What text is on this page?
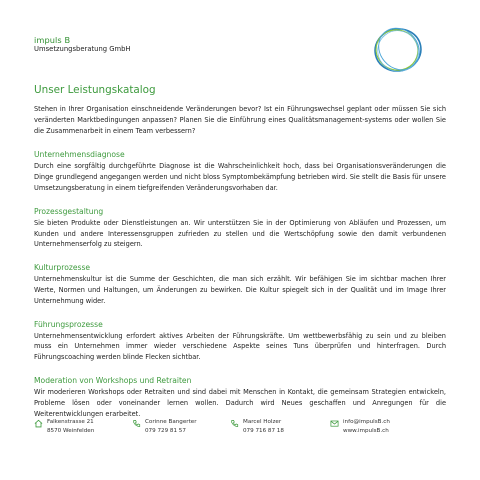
impuls B
Umsetzungsberatung GmbH
Unser Leistungskatalog

Stehen in Ihrer Organisation einschneidende Veränderungen bevor? Ist ein Führungswechsel geplant oder müssen Sie sich veränderten Marktbedingungen anpassen? Planen Sie die Einführung eines Qualitätsmanagement-systems oder wollen Sie die Zusammenarbeit in einem Team verbessern?

Unternehmensdiagnose

Durch eine sorgfältig durchgeführte Diagnose ist die Wahrscheinlichkeit hoch, dass bei Organisationsveränderungen die Dinge grundlegend angegangen werden und nicht bloss Symptombekämpfung betrieben wird. Sie stellt die Basis für unsere Umsetzungsberatung in einem tiefgreifenden Veränderungsvorhaben dar.

Prozessgestaltung

Sie bieten Produkte oder Dienstleistungen an. Wir unterstützen Sie in der Optimierung von Abläufen und Prozessen, um Kunden und andere Interessensgruppen zufrieden zu stellen und die Wertschöpfung sowie den damit verbundenen Unternehmenserfolg zu steigern.

Kulturprozesse

Unternehmenskultur ist die Summe der Geschichten, die man sich erzählt. Wir befähigen Sie im sichtbar machen Ihrer Werte, Normen und Haltungen, um Änderungen zu bewirken. Die Kultur spiegelt sich in der Qualität und im Image Ihrer Unternehmung wider.

Führungsprozesse

Unternehmensentwicklung erfordert aktives Arbeiten der Führungskräfte. Um wettbewerbsfähig zu sein und zu bleiben muss ein Unternehmen immer wieder verschiedene Aspekte seines Tuns überprüfen und hinterfragen. Durch Führungscoaching werden blinde Flecken sichtbar.

Moderation von Workshops und Retraiten

Wir moderieren Workshops oder Retraiten und sind dabei mit Menschen in Kontakt, die gemeinsam Strategien entwickeln, Probleme lösen oder voneinander lernen wollen. Dadurch wird Neues geschaffen und Anregungen für die Weiterentwicklungen erarbeitet.

Falkenstrasse 21
8570 Weinfelden
Corinne Bangerter
079 729 81 57
Marcel Holzer
079 716 87 18
info@impulsB.ch
www.impulsB.ch
